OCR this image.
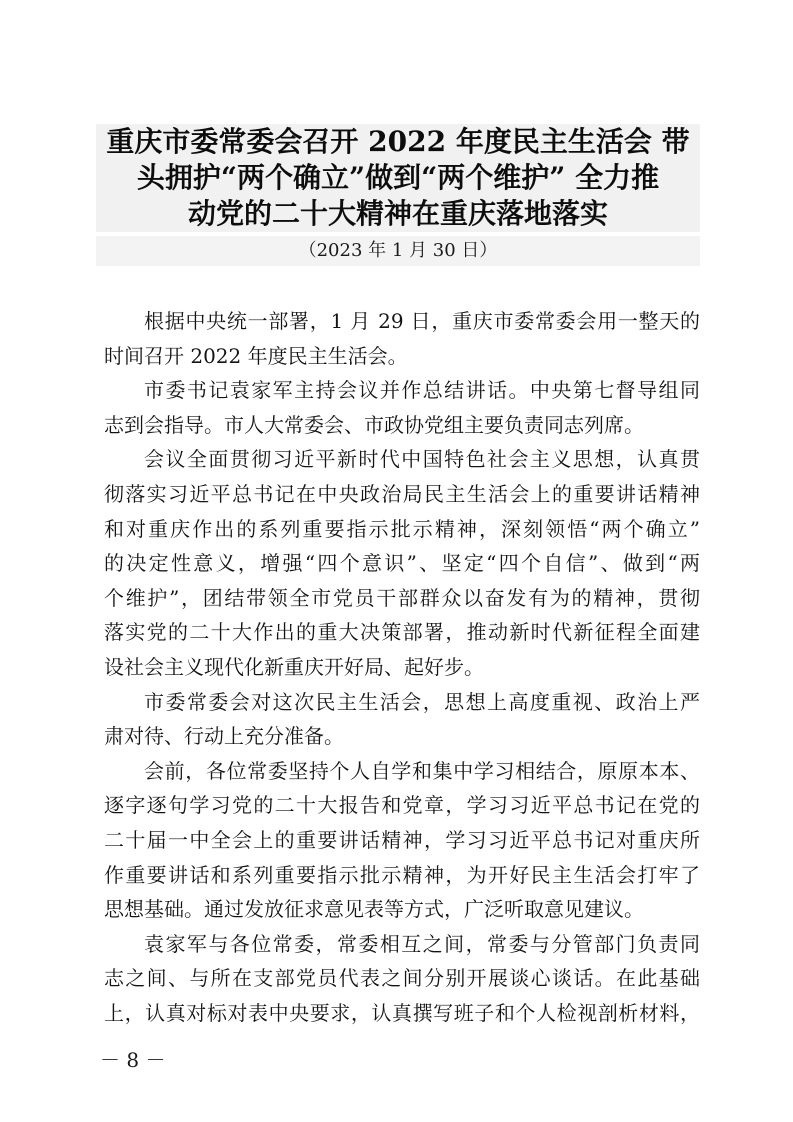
重庆市委常委会召开 2022 年度民主生活会 带
头拥护“两个确立”做到“两个维护” 全力推
动党的二十大精神在重庆落地落实
（2023 年 1 月 30 日）
根据中央统一部署，1 月 29 日，重庆市委常委会用一整天的
时间召开 2022 年度民主生活会。
市委书记袁家军主持会议并作总结讲话。中央第七督导组同
志到会指导。市人大常委会、市政协党组主要负责同志列席。
会议全面贯彻习近平新时代中国特色社会主义思想，认真贯
彻落实习近平总书记在中央政治局民主生活会上的重要讲话精神
和对重庆作出的系列重要指示批示精神，深刻领悟“两个确立”
的决定性意义，增强“四个意识”、坚定“四个自信”、做到“两
个维护”，团结带领全市党员干部群众以奋发有为的精神，贯彻
落实党的二十大作出的重大决策部署，推动新时代新征程全面建
设社会主义现代化新重庆开好局、起好步。
市委常委会对这次民主生活会，思想上高度重视、政治上严
肃对待、行动上充分准备。
会前，各位常委坚持个人自学和集中学习相结合，原原本本、
逐字逐句学习党的二十大报告和党章，学习习近平总书记在党的
二十届一中全会上的重要讲话精神，学习习近平总书记对重庆所
作重要讲话和系列重要指示批示精神，为开好民主生活会打牢了
思想基础。通过发放征求意见表等方式，广泛听取意见建议。
袁家军与各位常委，常委相互之间，常委与分管部门负责同
志之间、与所在支部党员代表之间分别开展谈心谈话。在此基础
上，认真对标对表中央要求，认真撰写班子和个人检视剖析材料，
－ 8 －
